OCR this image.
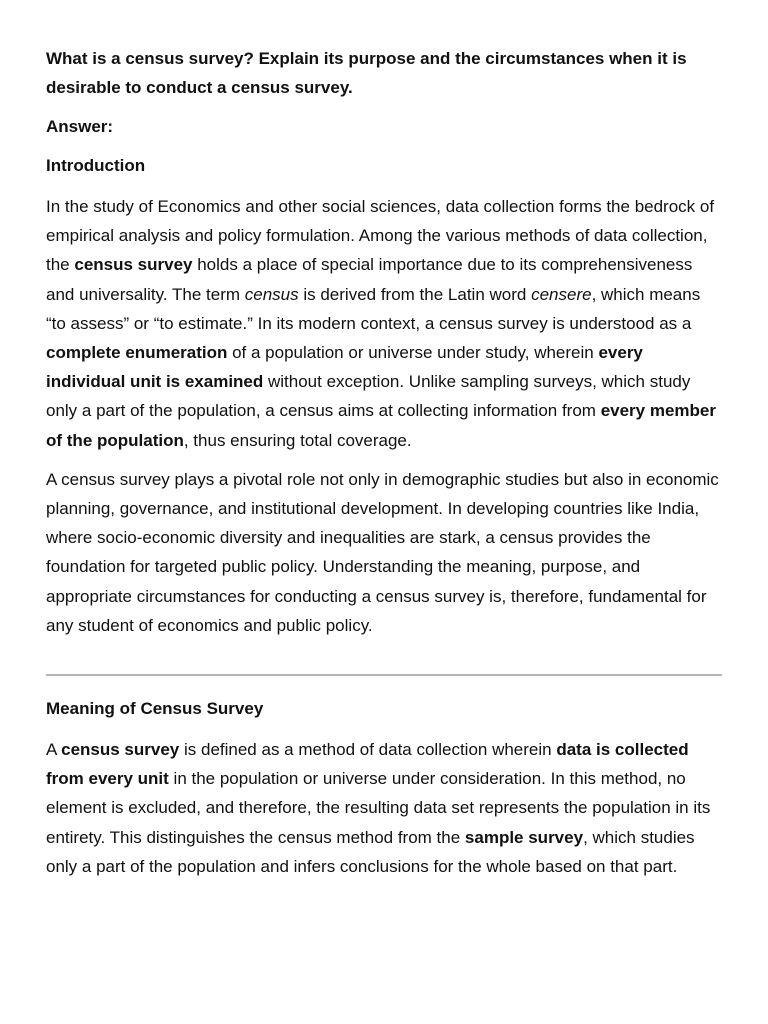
What is a census survey? Explain its purpose and the circumstances when it is desirable to conduct a census survey.

Answer:

Introduction

In the study of Economics and other social sciences, data collection forms the bedrock of empirical analysis and policy formulation. Among the various methods of data collection, the census survey holds a place of special importance due to its comprehensiveness and universality. The term census is derived from the Latin word censere, which means “to assess” or “to estimate.” In its modern context, a census survey is understood as a complete enumeration of a population or universe under study, wherein every individual unit is examined without exception. Unlike sampling surveys, which study only a part of the population, a census aims at collecting information from every member of the population, thus ensuring total coverage.

A census survey plays a pivotal role not only in demographic studies but also in economic planning, governance, and institutional development. In developing countries like India, where socio-economic diversity and inequalities are stark, a census provides the foundation for targeted public policy. Understanding the meaning, purpose, and appropriate circumstances for conducting a census survey is, therefore, fundamental for any student of economics and public policy.

Meaning of Census Survey

A census survey is defined as a method of data collection wherein data is collected from every unit in the population or universe under consideration. In this method, no element is excluded, and therefore, the resulting data set represents the population in its entirety. This distinguishes the census method from the sample survey, which studies only a part of the population and infers conclusions for the whole based on that part.
